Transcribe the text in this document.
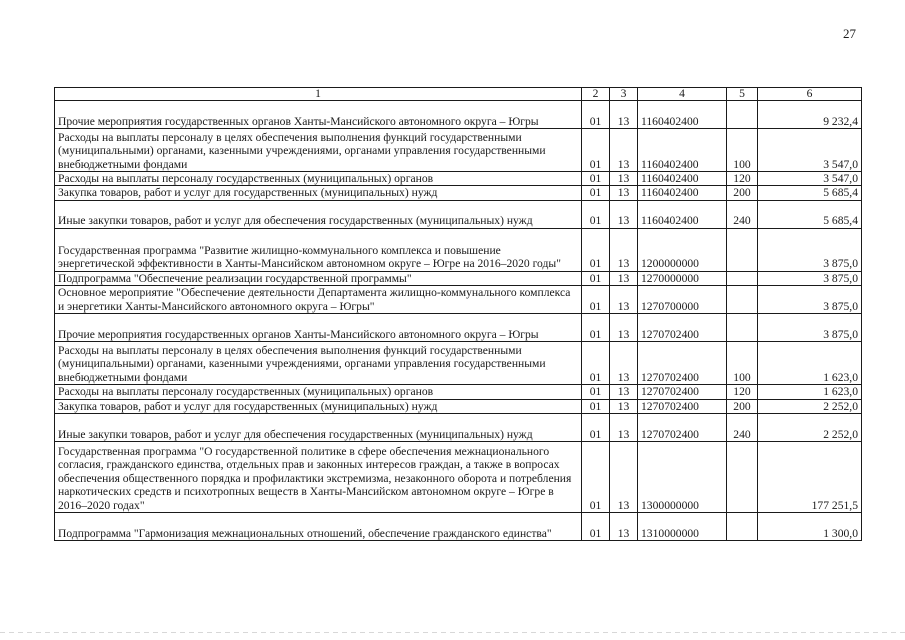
27
1	2	3	4	5	6
Прочие мероприятия государственных органов Ханты-Мансийского автономного округа – Югры	01	13	1160402400		9 232,4
Расходы на выплаты персоналу в целях обеспечения выполнения функций государственными (муниципальными) органами, казенными учреждениями, органами управления государственными внебюджетными фондами	01	13	1160402400	100	3 547,0
Расходы на выплаты персоналу государственных (муниципальных) органов	01	13	1160402400	120	3 547,0
Закупка товаров, работ и услуг для государственных (муниципальных) нужд	01	13	1160402400	200	5 685,4
Иные закупки товаров, работ и услуг для обеспечения государственных (муниципальных) нужд	01	13	1160402400	240	5 685,4
Государственная программа "Развитие жилищно-коммунального комплекса и повышение энергетической эффективности в Ханты-Мансийском автономном округе – Югре на 2016–2020 годы"	01	13	1200000000		3 875,0
Подпрограмма "Обеспечение реализации государственной программы"	01	13	1270000000		3 875,0
Основное мероприятие "Обеспечение деятельности Департамента жилищно-коммунального комплекса и энергетики Ханты-Мансийского автономного округа – Югры"	01	13	1270700000		3 875,0
Прочие мероприятия государственных органов Ханты-Мансийского автономного округа – Югры	01	13	1270702400		3 875,0
Расходы на выплаты персоналу в целях обеспечения выполнения функций государственными (муниципальными) органами, казенными учреждениями, органами управления государственными внебюджетными фондами	01	13	1270702400	100	1 623,0
Расходы на выплаты персоналу государственных (муниципальных) органов	01	13	1270702400	120	1 623,0
Закупка товаров, работ и услуг для государственных (муниципальных) нужд	01	13	1270702400	200	2 252,0
Иные закупки товаров, работ и услуг для обеспечения государственных (муниципальных) нужд	01	13	1270702400	240	2 252,0
Государственная программа "О государственной политике в сфере обеспечения межнационального согласия, гражданского единства, отдельных прав и законных интересов граждан, а также в вопросах обеспечения общественного порядка и профилактики экстремизма, незаконного оборота и потребления наркотических средств и психотропных веществ в Ханты-Мансийском автономном округе – Югре в 2016–2020 годах"	01	13	1300000000		177 251,5
Подпрограмма "Гармонизация межнациональных отношений, обеспечение гражданского единства"	01	13	1310000000		1 300,0
